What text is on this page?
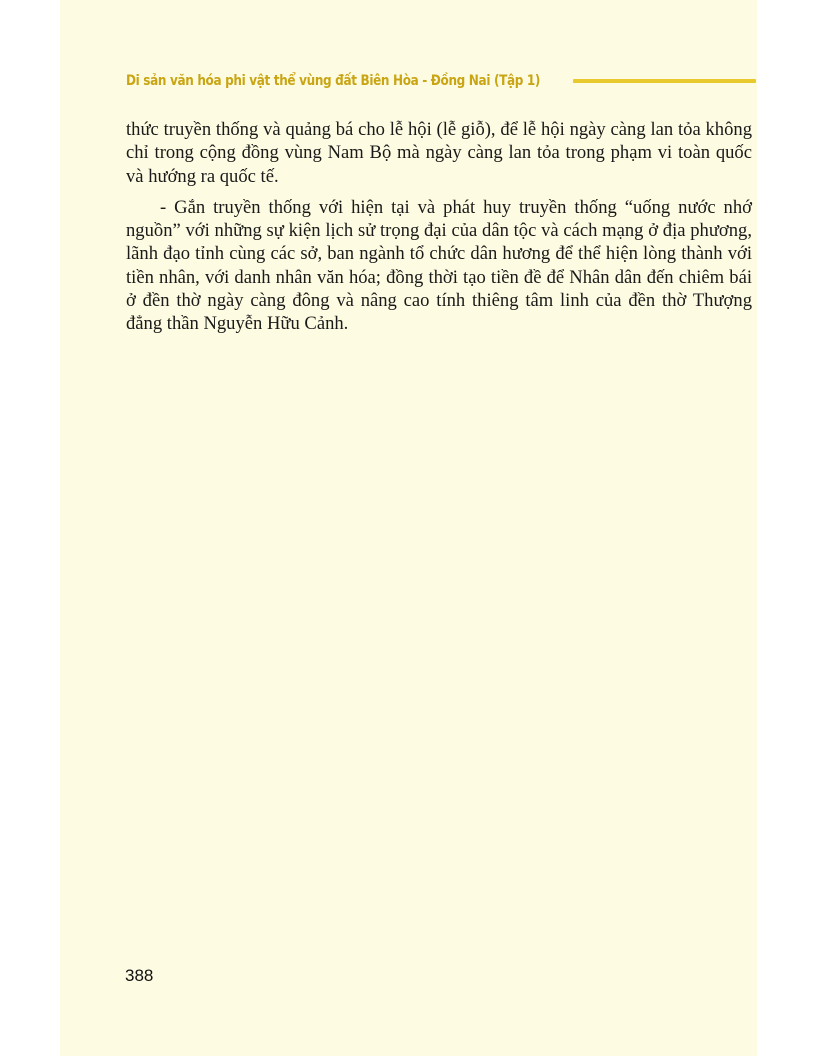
Di sản văn hóa phi vật thể vùng đất Biên Hòa - Đồng Nai (Tập 1)

thức truyền thống và quảng bá cho lễ hội (lễ giỗ), để lễ hội ngày càng lan tỏa không chỉ trong cộng đồng vùng Nam Bộ mà ngày càng lan tỏa trong phạm vi toàn quốc và hướng ra quốc tế.

- Gắn truyền thống với hiện tại và phát huy truyền thống “uống nước nhớ nguồn” với những sự kiện lịch sử trọng đại của dân tộc và cách mạng ở địa phương, lãnh đạo tỉnh cùng các sở, ban ngành tổ chức dân hương để thể hiện lòng thành với tiền nhân, với danh nhân văn hóa; đồng thời tạo tiền đề để Nhân dân đến chiêm bái ở đền thờ ngày càng đông và nâng cao tính thiêng tâm linh của đền thờ Thượng đẳng thần Nguyễn Hữu Cảnh.

388
